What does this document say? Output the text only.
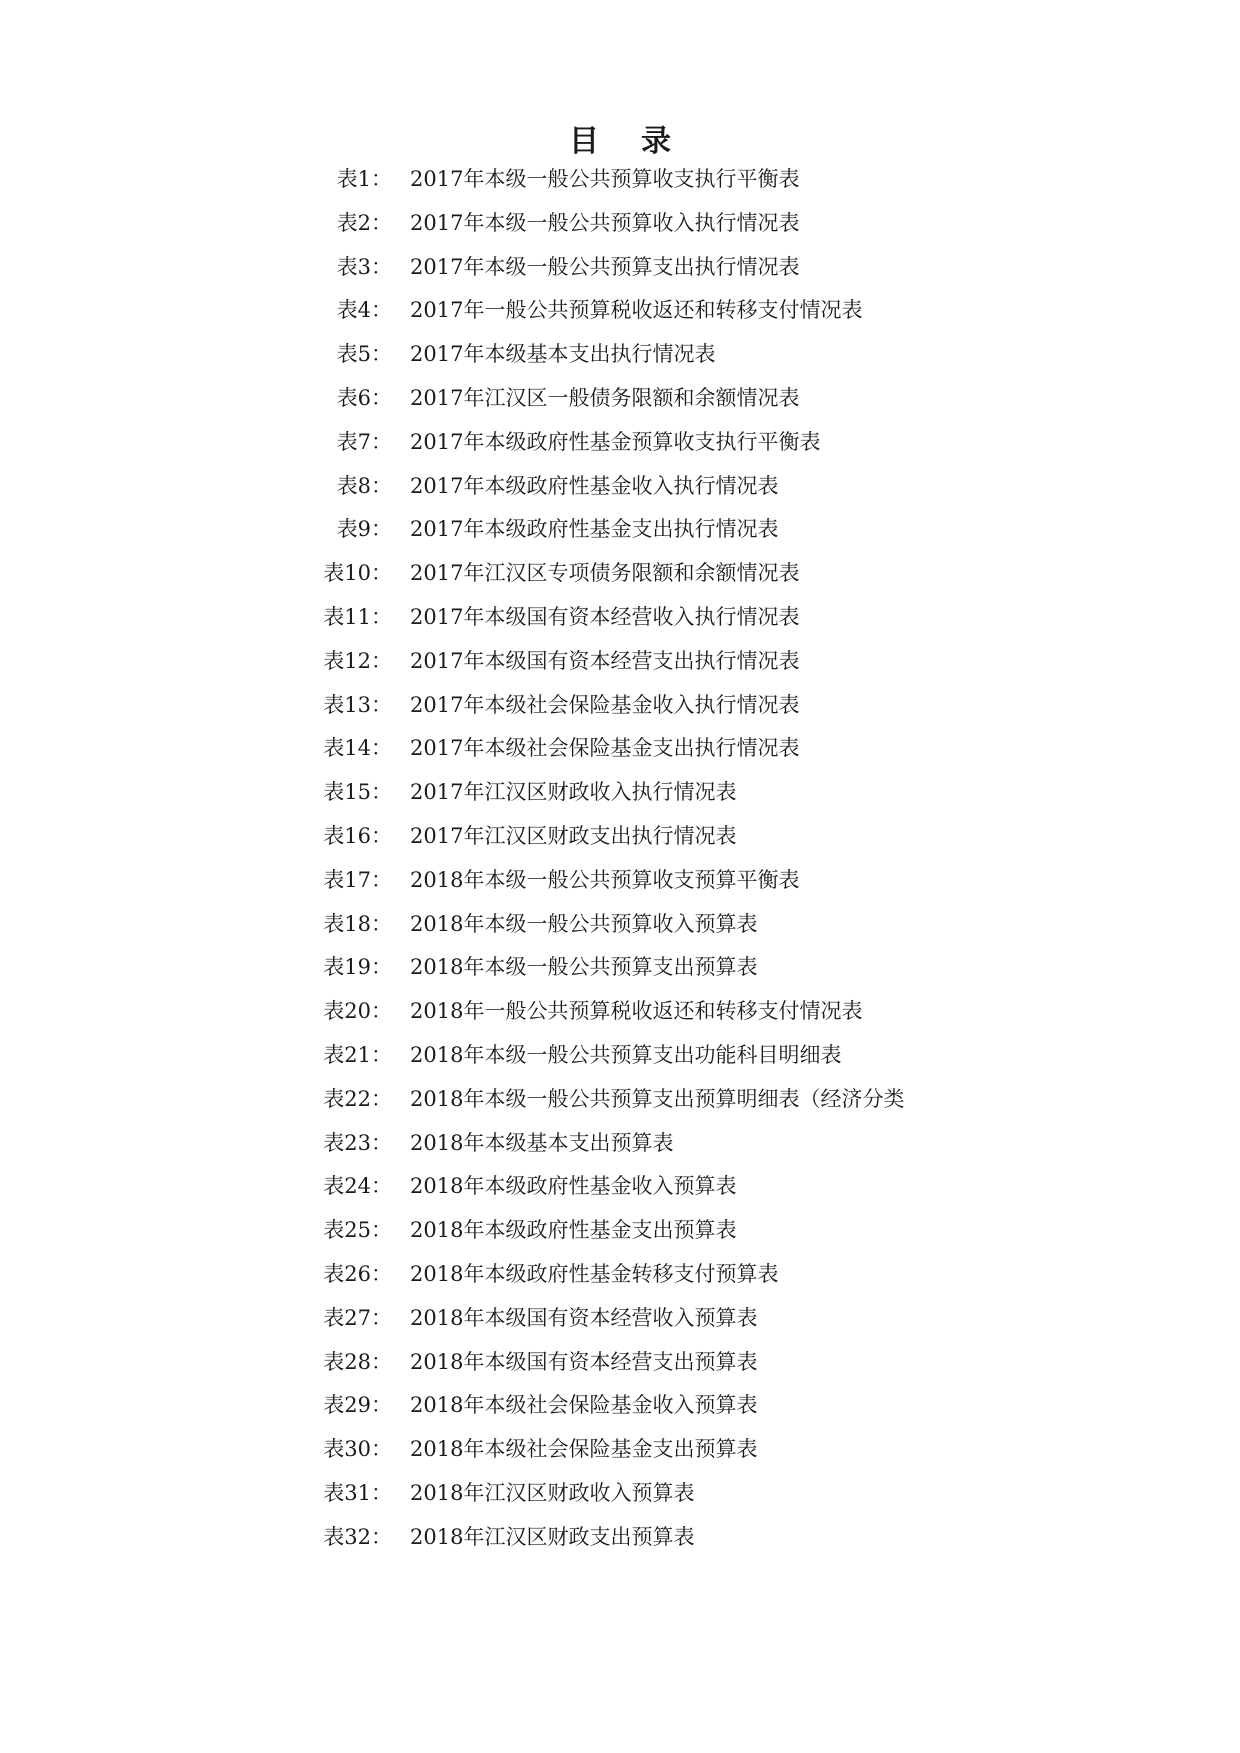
目 录
表1： 2017年本级一般公共预算收支执行平衡表
表2： 2017年本级一般公共预算收入执行情况表
表3： 2017年本级一般公共预算支出执行情况表
表4： 2017年一般公共预算税收返还和转移支付情况表
表5： 2017年本级基本支出执行情况表
表6： 2017年江汉区一般债务限额和余额情况表
表7： 2017年本级政府性基金预算收支执行平衡表
表8： 2017年本级政府性基金收入执行情况表
表9： 2017年本级政府性基金支出执行情况表
表10： 2017年江汉区专项债务限额和余额情况表
表11： 2017年本级国有资本经营收入执行情况表
表12： 2017年本级国有资本经营支出执行情况表
表13： 2017年本级社会保险基金收入执行情况表
表14： 2017年本级社会保险基金支出执行情况表
表15： 2017年江汉区财政收入执行情况表
表16： 2017年江汉区财政支出执行情况表
表17： 2018年本级一般公共预算收支预算平衡表
表18： 2018年本级一般公共预算收入预算表
表19： 2018年本级一般公共预算支出预算表
表20： 2018年一般公共预算税收返还和转移支付情况表
表21： 2018年本级一般公共预算支出功能科目明细表
表22： 2018年本级一般公共预算支出预算明细表（经济分类
表23： 2018年本级基本支出预算表
表24： 2018年本级政府性基金收入预算表
表25： 2018年本级政府性基金支出预算表
表26： 2018年本级政府性基金转移支付预算表
表27： 2018年本级国有资本经营收入预算表
表28： 2018年本级国有资本经营支出预算表
表29： 2018年本级社会保险基金收入预算表
表30： 2018年本级社会保险基金支出预算表
表31： 2018年江汉区财政收入预算表
表32： 2018年江汉区财政支出预算表
